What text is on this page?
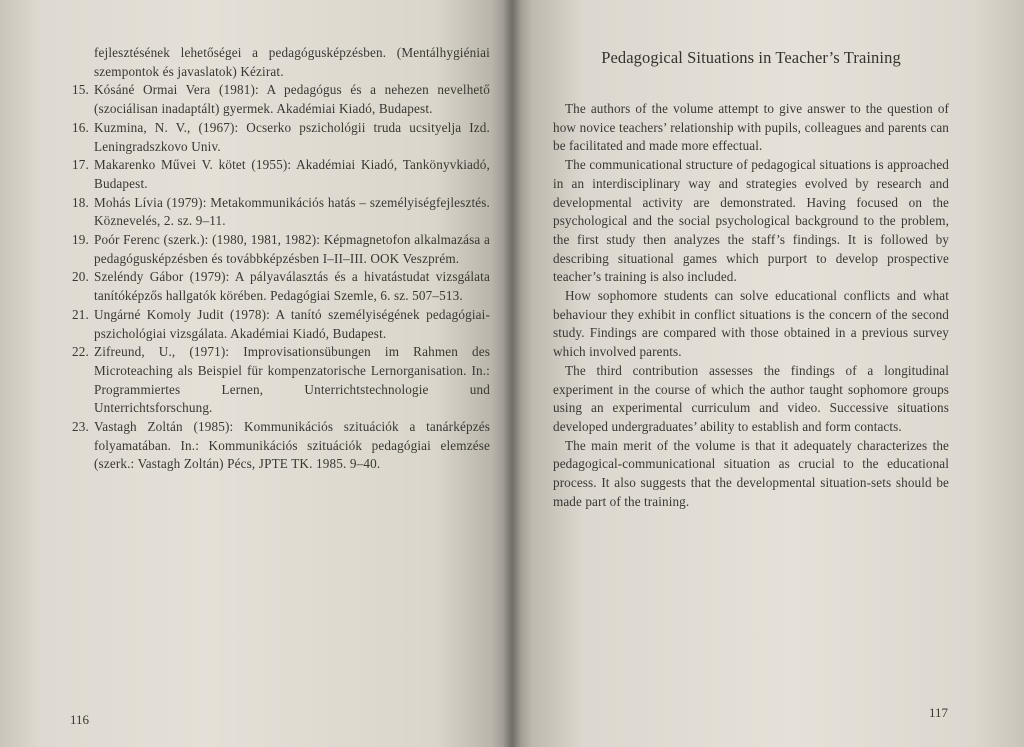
fejlesztésének lehetőségei a pedagógusképzésben. (Mentálhygiéniai szempontok és javaslatok) Kézirat.
15. Kósáné Ormai Vera (1981): A pedagógus és a nehezen nevelhető (szociálisan inadaptált) gyermek. Akadémiai Kiadó, Budapest.
16. Kuzmina, N. V., (1967): Ocserko pszichológii truda ucsityelja Izd. Leningradszkovo Univ.
17. Makarenko Művei V. kötet (1955): Akadémiai Kiadó, Tankönyvkiadó, Budapest.
18. Mohás Lívia (1979): Metakommunikációs hatás – személyiségfejlesztés. Köznevelés, 2. sz. 9–11.
19. Poór Ferenc (szerk.): (1980, 1981, 1982): Képmagnetofon alkalmazása a pedagógusképzésben és továbbképzésben I–II–III. OOK Veszprém.
20. Szeléndy Gábor (1979): A pályaválasztás és a hivatástudat vizsgálata tanítóképzős hallgatók körében. Pedagógiai Szemle, 6. sz. 507–513.
21. Ungárné Komoly Judit (1978): A tanító személyiségének pedagógiai-pszichológiai vizsgálata. Akadémiai Kiadó, Budapest.
22. Zifreund, U., (1971): Improvisationsübungen im Rahmen des Microteaching als Beispiel für kompenzatorische Lernorganisation. In.: Programmiertes Lernen, Unterrichtstechnologie und Unterrichtsforschung.
23. Vastagh Zoltán (1985): Kommunikációs szituációk a tanárképzés folyamatában. In.: Kommunikációs szituációk pedagógiai elemzése (szerk.: Vastagh Zoltán) Pécs, JPTE TK. 1985. 9–40.
116
Pedagogical Situations in Teacher’s Training

The authors of the volume attempt to give answer to the question of how novice teachers’ relationship with pupils, colleagues and parents can be facilitated and made more effectual.

The communicational structure of pedagogical situations is approached in an interdisciplinary way and strategies evolved by research and developmental activity are demonstrated. Having focused on the psychological and the social psychological background to the problem, the first study then analyzes the staff’s findings. It is followed by describing situational games which purport to develop prospective teacher’s training is also included.

How sophomore students can solve educational conflicts and what behaviour they exhibit in conflict situations is the concern of the second study. Findings are compared with those obtained in a previous survey which involved parents.

The third contribution assesses the findings of a longitudinal experiment in the course of which the author taught sophomore groups using an experimental curriculum and video. Successive situations developed undergraduates’ ability to establish and form contacts.

The main merit of the volume is that it adequately characterizes the pedagogical-communicational situation as crucial to the educational process. It also suggests that the developmental situation-sets should be made part of the training.

117
